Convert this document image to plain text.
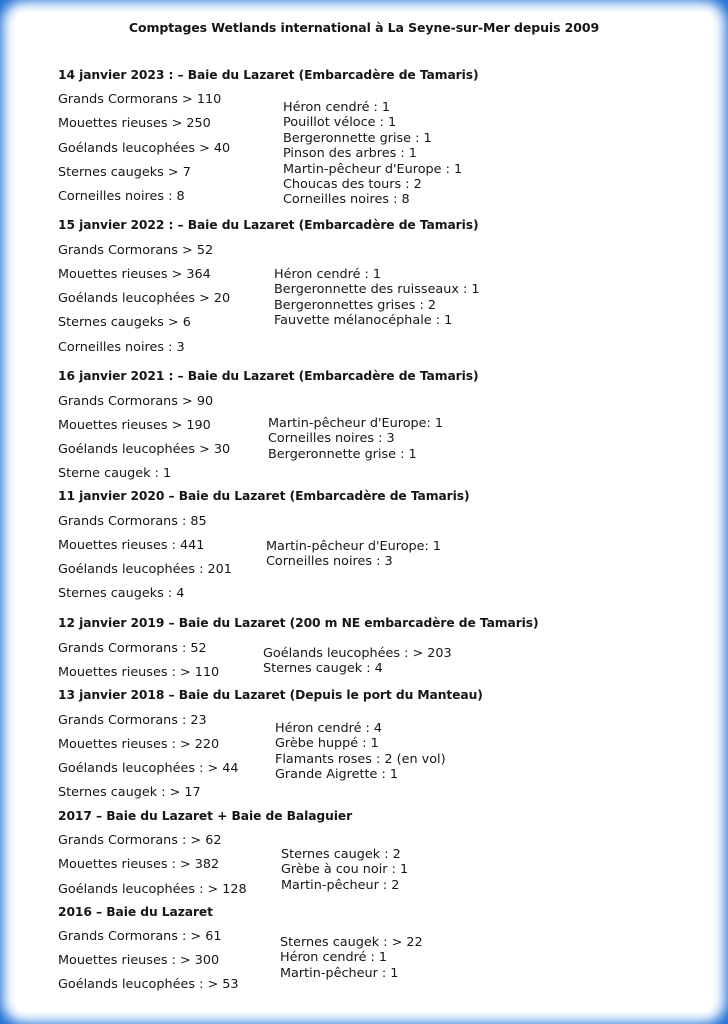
Comptages Wetlands international à La Seyne-sur-Mer depuis 2009
14 janvier 2023 : – Baie du Lazaret (Embarcadère de Tamaris)
Grands Cormorans > 110
Mouettes rieuses > 250
Goélands leucophées > 40
Sternes caugeks > 7
Corneilles noires : 8
Héron cendré : 1
Pouillot véloce : 1
Bergeronnette grise : 1
Pinson des arbres : 1
Martin-pêcheur d'Europe : 1
Choucas des tours : 2
Corneilles noires : 8
15 janvier 2022 : – Baie du Lazaret (Embarcadère de Tamaris)
Grands Cormorans > 52
Mouettes rieuses > 364
Goélands leucophées > 20
Sternes caugeks > 6
Corneilles noires : 3
Héron cendré : 1
Bergeronnette des ruisseaux : 1
Bergeronnettes grises : 2
Fauvette mélanocéphale : 1
16 janvier 2021 : – Baie du Lazaret (Embarcadère de Tamaris)
Grands Cormorans > 90
Mouettes rieuses > 190
Goélands leucophées > 30
Sterne caugek : 1
Martin-pêcheur d'Europe: 1
Corneilles noires : 3
Bergeronnette grise : 1
11 janvier 2020 – Baie du Lazaret (Embarcadère de Tamaris)
Grands Cormorans : 85
Mouettes rieuses : 441
Goélands leucophées : 201
Sternes caugeks : 4
Martin-pêcheur d'Europe: 1
Corneilles noires : 3
12 janvier 2019 – Baie du Lazaret (200 m NE embarcadère de Tamaris)
Grands Cormorans : 52
Mouettes rieuses : > 110
Goélands leucophées : > 203
Sternes caugek : 4
13 janvier 2018 – Baie du Lazaret (Depuis le port du Manteau)
Grands Cormorans : 23
Mouettes rieuses : > 220
Goélands leucophées : > 44
Sternes caugek : > 17
Héron cendré : 4
Grèbe huppé : 1
Flamants roses : 2 (en vol)
Grande Aigrette : 1
2017 – Baie du Lazaret + Baie de Balaguier
Grands Cormorans : > 62
Mouettes rieuses : > 382
Goélands leucophées : > 128
Sternes caugek : 2
Grèbe à cou noir : 1
Martin-pêcheur : 2
2016 – Baie du Lazaret
Grands Cormorans : > 61
Mouettes rieuses : > 300
Goélands leucophées : > 53
Sternes caugek : > 22
Héron cendré : 1
Martin-pêcheur : 1
